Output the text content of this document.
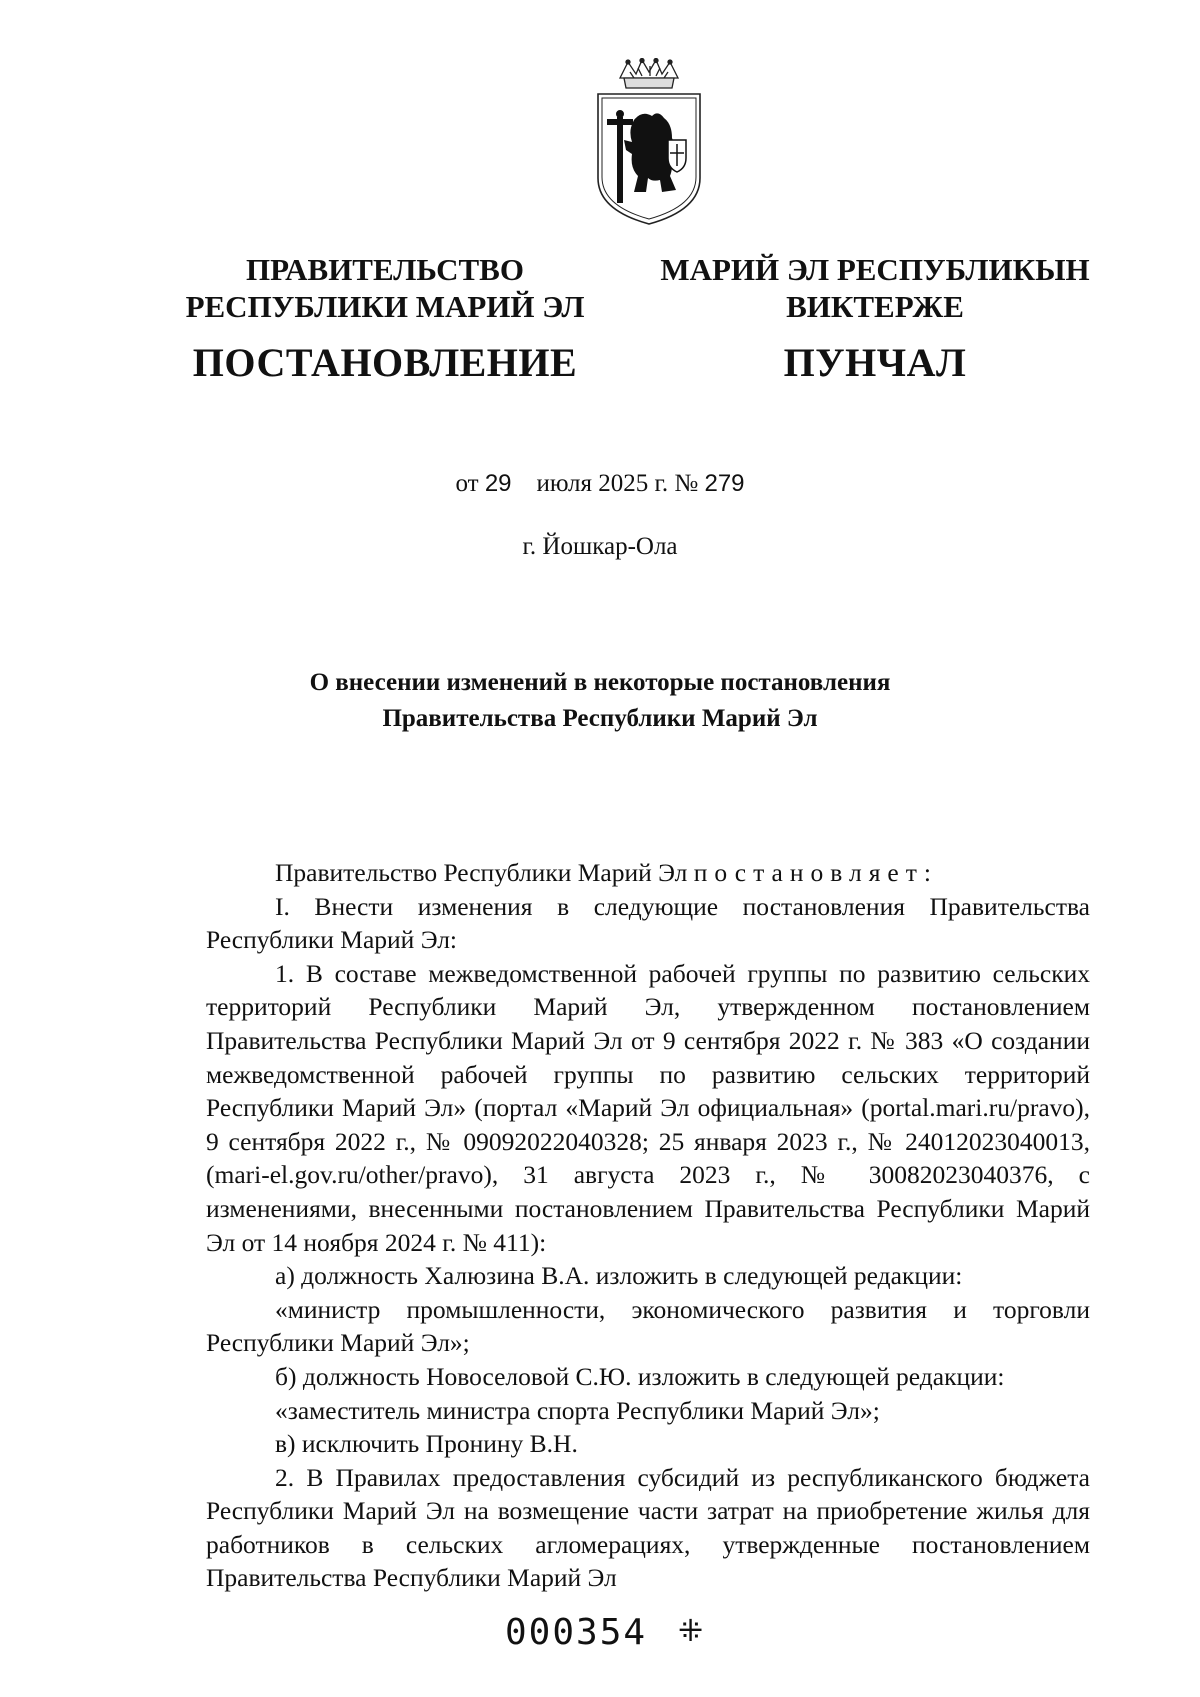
ПРАВИТЕЛЬСТВО
РЕСПУБЛИКИ МАРИЙ ЭЛ
ПОСТАНОВЛЕНИЕ
МАРИЙ ЭЛ РЕСПУБЛИКЫН
ВИКТЕРЖЕ
ПУНЧАЛ
от 29 июля 2025 г. № 279
г. Йошкар-Ола
О внесении изменений в некоторые постановления
Правительства Республики Марий Эл

Правительство Республики Марий Эл постановляет:

I. Внести изменения в следующие постановления Правительства Республики Марий Эл:

1. В составе межведомственной рабочей группы по развитию сельских территорий Республики Марий Эл, утвержденном постановлением Правительства Республики Марий Эл от 9 сентября 2022 г. № 383 «О создании межведомственной рабочей группы по развитию сельских территорий Республики Марий Эл» (портал «Марий Эл официальная» (portal.mari.ru/pravo), 9 сентября 2022 г., № 09092022040328; 25 января 2023 г., № 24012023040013, (mari-el.gov.ru/other/pravo), 31 августа 2023 г., № 30082023040376, с изменениями, внесенными постановлением Правительства Республики Марий Эл от 14 ноября 2024 г. № 411):

а) должность Халюзина В.А. изложить в следующей редакции:

«министр промышленности, экономического развития и торговли Республики Марий Эл»;

б) должность Новоселовой С.Ю. изложить в следующей редакции:

«заместитель министра спорта Республики Марий Эл»;

в) исключить Пронину В.Н.

2. В Правилах предоставления субсидий из республиканского бюджета Республики Марий Эл на возмещение части затрат на приобретение жилья для работников в сельских агломерациях, утвержденные постановлением Правительства Республики Марий Эл

000354 ⁜
